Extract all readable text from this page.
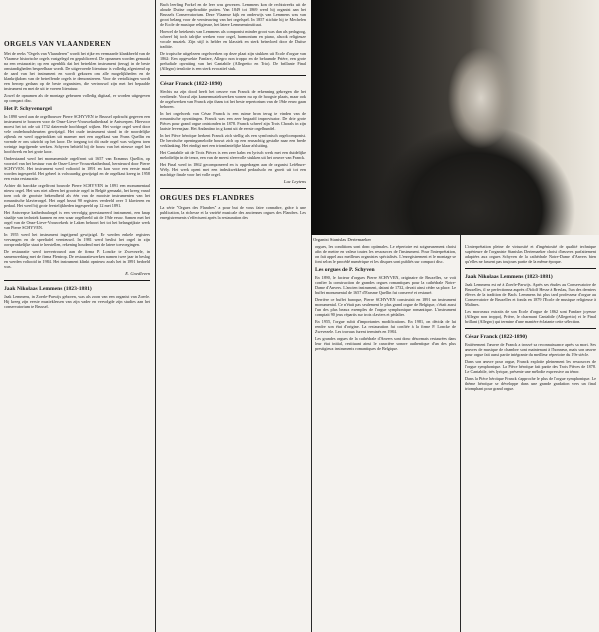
ORGELS VAN VLAANDEREN
Met de reeks "Orgels van Vlaanderen" wordt het rijke en vermaarde klankbeeld van de Vlaamse historische orgels vastgelegd en gepubliceerd. De opnamen worden gemaakt na een restauratie; op een ogenblik dat het betreklen instrument (terug) in de beste omstandigheden bespeelbaar wordt. De uitgevoerde literatuur is volledig afgestemd op de aard van het instrument en wordt gekozen om alle mogelijkheden en de klankrijkdom van de betreffende orgels te demonstreren. Voor de vertolkingen wordt een beroep gedaan op de beste organisten, die vertrouwd zijn met het bepaalde instrument en met de uit te voeren literatuur.
Zowel de opnamen als de montage gebeuren volledig digitaal, er worden uitgegeven op compact disc.
Het P. Schyvenorgel
In 1890 werd aan de orgelbouwer Pierre SCHYVEN te Brussel opdracht gegeven een instrument te bouwen voor de Onze-Lieve-Vrouwekathedraal te Antwerpen. Hiervoor moest het tot ode uit 1732 daterende hoofdorgel wijken. Het vorige orgel werd door vele onderhoudsbeurten gewijzigd. Het oude instrument stond in de noordelijke zijbeuk en werd opgetrokken uit marmer met een orgelkast van Frans Quellin en vormde er ons uitzicht op het koor. De toegang tot dit oude orgel was volgens toen weinige ingrijpende werken. Schyven behield bij de bouw van het nieuwe orgel het hoofdwerk en het grote koor.
Onderstaand werd het monumentale orgelfront uit 1657 van Erasmus Quellin, op voorstel van het bestuur van de Onze-Lieve-Vrouwekathedraal, hernieuwd door Pierre SCHYVEN. Het instrument werd voltooid in 1891 en kon voor een eerste maal worden ingespeeld. Het gebeel is volwaardig gewijzigd en de orgelkast kreeg in 1958 een extra restauratie.
Achter dit barokke orgelfront bouwde Pierre SCHYVEN in 1891 een monumentaal nieuw orgel. Het was niet alleen het grootste orgel in België gemaakt, het kreeg vanaf toen ook de grootste bekendheid als één van de mooiste instrumenten van het romantische klavierorgel. Het orgel bezat 90 registers verdeeld over 3 klavieren en pedaal. Het werd bij grote feestelijkheden ingespeeld op 12 mei 1891.
Het Antwerpse kathedraalorgel is een vervolgig gerestaureerd instrument, een knap staaltje van techniek kunnen en een waar orgelbeeld uit de 19de eeuw. Samen met het orgel van de Onze-Lieve-Vrouwekerk te Laken behoort het tot het belangrijkste werk van Pierre SCHYVEN.
In 1955 werd het instrument ingrijpend gewijzigd. Er werden enkele registers vervangen en de speeltafel vernieuwd. In 1981 werd beslist het orgel in zijn oorspronkelijke staat te herstellen, rekening houdend met de latere toevoegingen.
De restauratie werd toevertrouwd aan de firma P. Loncke te Zwevezele, in samenwerking met de firma Flentrop. De restauratiewerken namen twee jaar in beslag en werden voltooid in 1984. Het instrument klinkt opnieuw zoals het in 1891 bedoeld was.
E. Goedleven
Jaak Nikolaas Lemmens (1823-1881)
Jaak Lemmens, in Zoerle-Parwijs geboren, was als zoon van een organist van Zoerle. Hij kreeg zijn eerste muzieklessen van zijn vader en vervolgde zijn studies aan het conservatorium te Brussel.
Bach leerling Forkel en de leer was gewezen. Lemmens kon de rechtstreeks uit de aloude Duitse orgeltraditie putten. Van 1849 tot 1869 werd hij organist aan het Brussels Conservatorium. Deze Vlaamse kijk en onderwijs van Lemmens was van groot belang voor de vernieuwing van het orgelspel. In 1857 stichtte hij te Mechelen de Ecole de musique religieuse, het latere Lemmensinstituut.
Hoewel de betekenis van Lemmens als componist minder groot was dan als pedagoog, schreef hij toch talrijke werken voor orgel, harmonium en piano, alsook religieuze vocale muziek. Zijn stijl is helder en klassiek en sterk beïnvloed door de Duitse traditie.
De tropische uitgelezen orgelwerken op deze plaat zijn stukken uit Ecole d'orgue van 1862: Een opgewekte Fanfare, Allegro non troppo en de befaamde Prière, een grote preludiale opvatting van het Cantabile (Allegretto en Trio). De brillante Final (Allegro) tenslotte is een sterk evocatief stuk.
César Franck (1822-1890)
Slechts na zijn dood heeft het oeuvre van Franck de erkenning gekregen die het verdiende. Vooral zijn kamermuziekwerken wonen nu op de hoogste plaats, maar ook de orgelwerken van Franck zijn thans tot het beste repertorium van de 19de eeuw gaan behoren.
In het orgelwerk van César Franck is een ruime bron terug te vinden van de romantische opvattingen. Franck was een zeer begaafd improvisator. De drie grote Pièces pour grand orgue ontstonden in 1878. Franck schreef zijn Trois Chorals in zijn laatste levensjaar. Het Andantino in g komt uit de eerste orgelbundel.
In het Pièce héroïque herkent Franck zich stellig als een symfonisch orgelcomponist. De heroïsche openingsmelodie bouwt zich op een reusachtig gestalte naar een brede verklanking. Het eindigt met een triomfantelijke klaar afsluiting.
Het Cantabile uit de Trois Pièces is een zeer kalm en lyrisch werk met een duidelijke melodielijn in de tenor, een van de meest sfeervolle stukken uit het oeuvre van Franck.
Het Final werd in 1862 gecomponeerd en is opgedragen aan de organist Lefébure-Wély. Het werk opent met een indrukwekkend pedaalsolo en groeit uit tot een machtige finale voor het volle orgel.
Luc Leytens
ORGUES DES FLANDRES
La série "Orgues des Flandres" a pour but de vous faire connaître, grâce à une publication, la richesse et la variété musicale des anciennes orgues des Flandres. Les enregistrements s'effectuent après la restauration des
Organist Stanislas Deriemaeker
orgues, les conditions sont donc optimales. Le répertoire est soigneusement choisi afin de mettre en valeur toutes les ressources de l'instrument. Pour l'interprétation, on fait appel aux meilleurs organistes spécialisés. L'enregistrement et le montage se font selon le procédé numérique et les disques sont publiés sur compact disc.
Les orgues de P. Schyven
En 1890, le facteur d'orgues Pierre SCHYVEN, originaire de Bruxelles, se voit confier la construction de grandes orgues romantiques pour la cathédrale Notre-Dame d'Anvers. L'ancien instrument, datant de 1732, devait ainsi céder sa place. Le buffet monumental de 1657 d'Erasme Quellin fut conservé et restauré.
Derrière ce buffet baroque, Pierre SCHYVEN construisit en 1891 un instrument monumental. Ce n'était pas seulement le plus grand orgue de Belgique, c'était aussi l'un des plus beaux exemples de l'orgue symphonique romantique. L'instrument comptait 90 jeux répartis sur trois claviers et pédalier.
En 1955, l'orgue subit d'importantes modifications. En 1981, on décida de lui rendre son état d'origine. La restauration fut confiée à la firme P. Loncke de Zwevezele. Les travaux furent terminés en 1984.
Les grandes orgues de la cathédrale d'Anvers sont donc désormais restaurées dans leur état initial, restituant ainsi le caractère sonore authentique d'un des plus prestigieux instruments romantiques de Belgique.
L'interprétation pleine de virtuosité et d'ingéniosité de qualité technique supérieure de l'organiste Stanislas Deriemaeker choisi d'œuvres parfaitement adaptées aux orgues Schyven de la cathédrale Notre-Dame d'Anvers bien qu'elles ne fassent pas toujours partie de la même époque.
Jaak Nikolaas Lemmens (1823-1881)
Jaak Lemmens est né à Zoerle-Parwijs. Après ses études au Conservatoire de Bruxelles, il se perfectionna auprès d'Adolf Hesse à Breslau, l'un des derniers élèves de la tradition de Bach. Lemmens fut plus tard professeur d'orgue au Conservatoire de Bruxelles et fonda en 1879 l'Ecole de musique religieuse à Malines.
Les morceaux extraits de son Ecole d'orgue de 1862 sont Fanfare joyeuse (Allegro non troppo), Prière, le charmant Cantabile (Allegretto) et le Final brillant (Allegro) qui termine d'une manière éclatante cette sélection.
César Franck (1822-1890)
Entièrement l'œuvre de Franck a trouvé sa reconnaissance après sa mort. Ses œuvres de musique de chambre sont maintenant à l'honneur, mais son œuvre pour orgue fait aussi partie intégrante du meilleur répertoire du 19e siècle.
Dans son œuvre pour orgue, Franck exploite pleinement les ressources de l'orgue symphonique. La Pièce héroïque fait partie des Trois Pièces de 1878. Le Cantabile, très lyrique, présente une mélodie expressive au ténor.
Dans la Pièce héroïque Franck s'approche le plus de l'orgue symphonique. Le thème héroïque se développe dans une grande gradation vers un final triomphant pour grand orgue.
